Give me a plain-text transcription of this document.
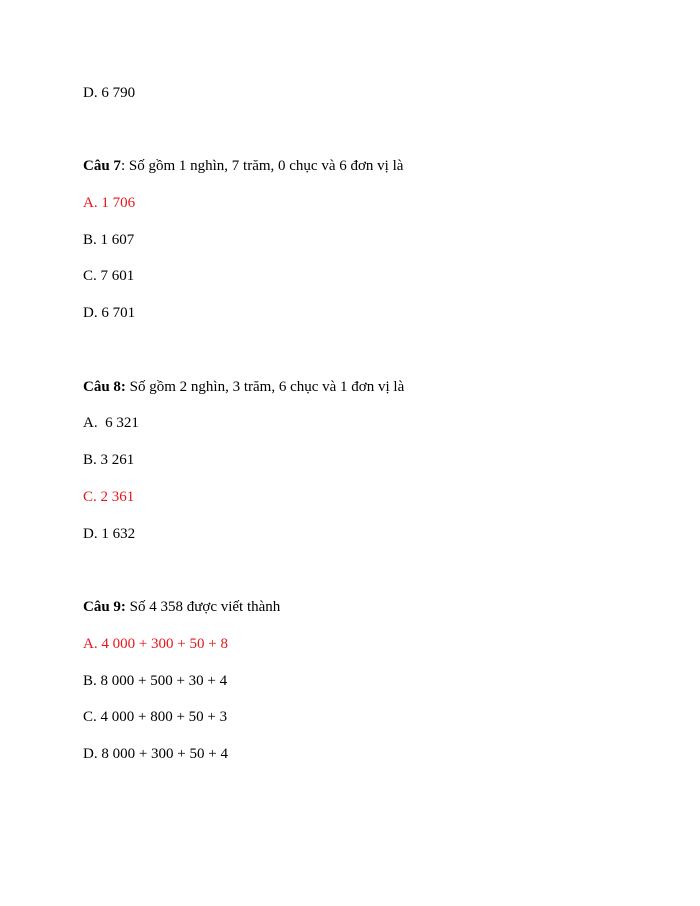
D. 6 790
Câu 7: Số gồm 1 nghìn, 7 trăm, 0 chục và 6 đơn vị là
A. 1 706
B. 1 607
C. 7 601
D. 6 701
Câu 8: Số gồm 2 nghìn, 3 trăm, 6 chục và 1 đơn vị là
A.  6 321
B. 3 261
C. 2 361
D. 1 632
Câu 9: Số 4 358 được viết thành
A. 4 000 + 300 + 50 + 8
B. 8 000 + 500 + 30 + 4
C. 4 000 + 800 + 50 + 3
D. 8 000 + 300 + 50 + 4
